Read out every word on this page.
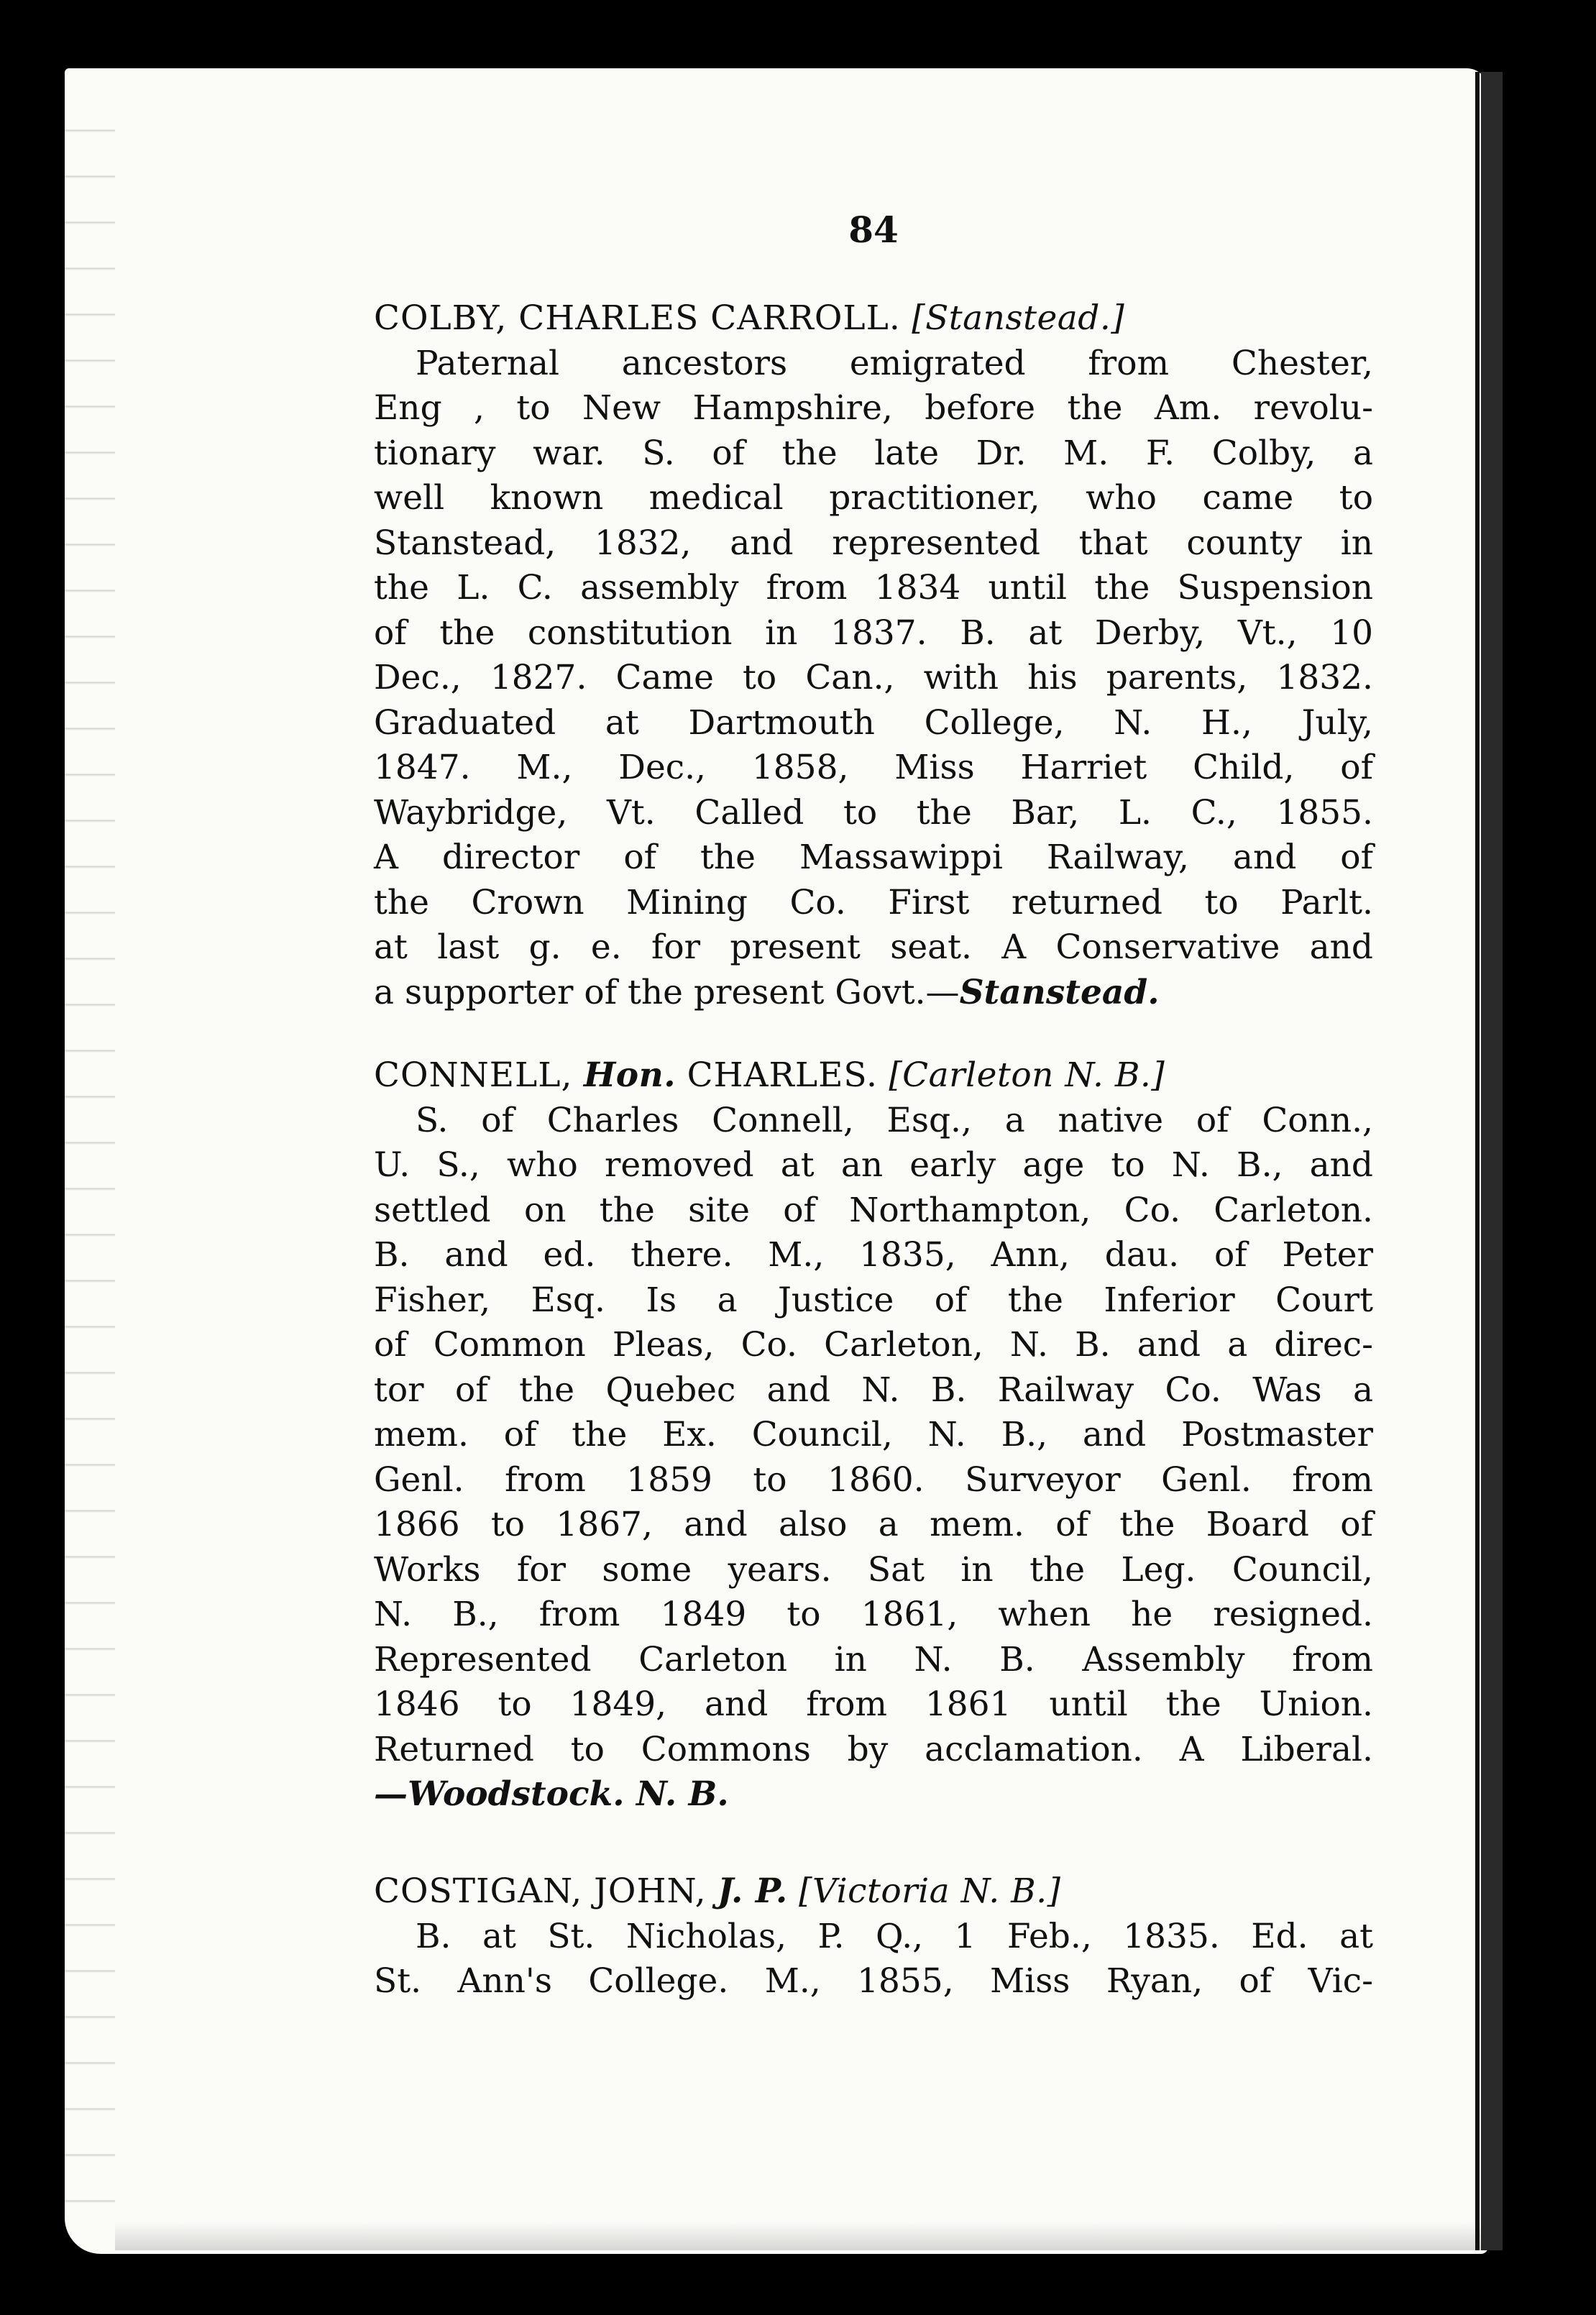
84
COLBY, CHARLES CARROLL. [Stanstead.]
Paternal ancestors emigrated from Chester,
Eng , to New Hampshire, before the Am. revolu-
tionary war. S. of the late Dr. M. F. Colby, a
well known medical practitioner, who came to
Stanstead, 1832, and represented that county in
the L. C. assembly from 1834 until the Suspension
of the constitution in 1837. B. at Derby, Vt., 10
Dec., 1827. Came to Can., with his parents, 1832.
Graduated at Dartmouth College, N. H., July,
1847. M., Dec., 1858, Miss Harriet Child, of
Waybridge, Vt. Called to the Bar, L. C., 1855.
A director of the Massawippi Railway, and of
the Crown Mining Co. First returned to Parlt.
at last g. e. for present seat. A Conservative and
a supporter of the present Govt.—Stanstead.
CONNELL, Hon. CHARLES. [Carleton N. B.]
S. of Charles Connell, Esq., a native of Conn.,
U. S., who removed at an early age to N. B., and
settled on the site of Northampton, Co. Carleton.
B. and ed. there. M., 1835, Ann, dau. of Peter
Fisher, Esq. Is a Justice of the Inferior Court
of Common Pleas, Co. Carleton, N. B. and a direc-
tor of the Quebec and N. B. Railway Co. Was a
mem. of the Ex. Council, N. B., and Postmaster
Genl. from 1859 to 1860. Surveyor Genl. from
1866 to 1867, and also a mem. of the Board of
Works for some years. Sat in the Leg. Council,
N. B., from 1849 to 1861, when he resigned.
Represented Carleton in N. B. Assembly from
1846 to 1849, and from 1861 until the Union.
Returned to Commons by acclamation. A Liberal.
—Woodstock. N. B.
COSTIGAN, JOHN, J. P. [Victoria N. B.]
B. at St. Nicholas, P. Q., 1 Feb., 1835. Ed. at
St. Ann's College. M., 1855, Miss Ryan, of Vic-
